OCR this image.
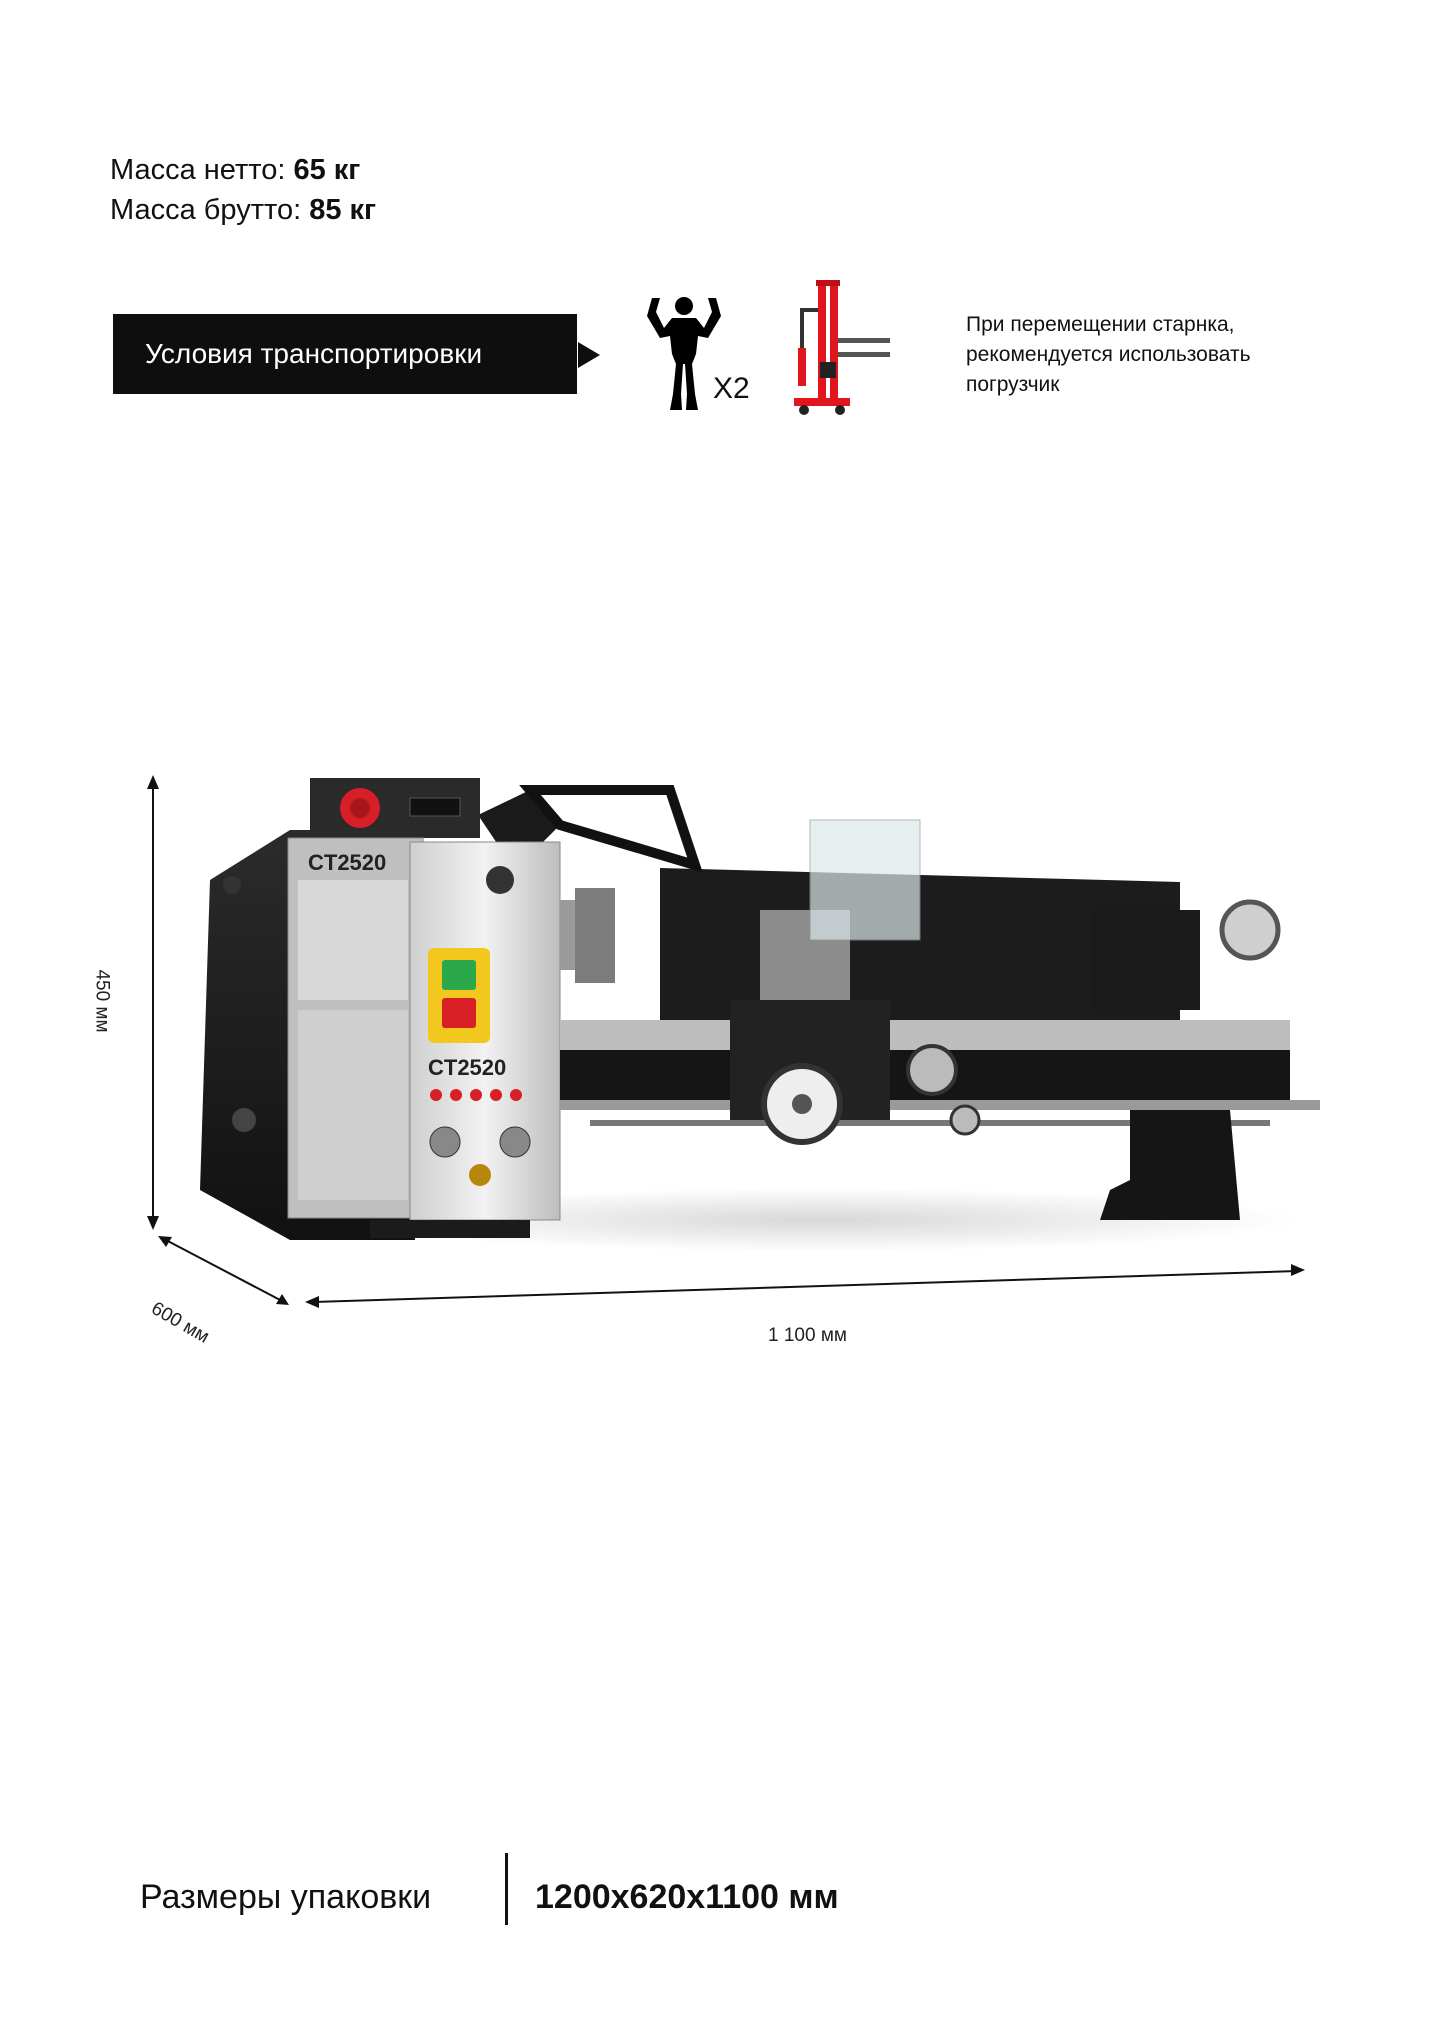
Масса нетто: 65 кг
Масса брутто: 85 кг
Условия транспортировки
X2
При перемещении старнка, рекомендуется использовать погрузчик
CT2520
CT2520
450 мм
600 мм	1 100 мм
Размеры упаковки	1200x620x1100 мм
